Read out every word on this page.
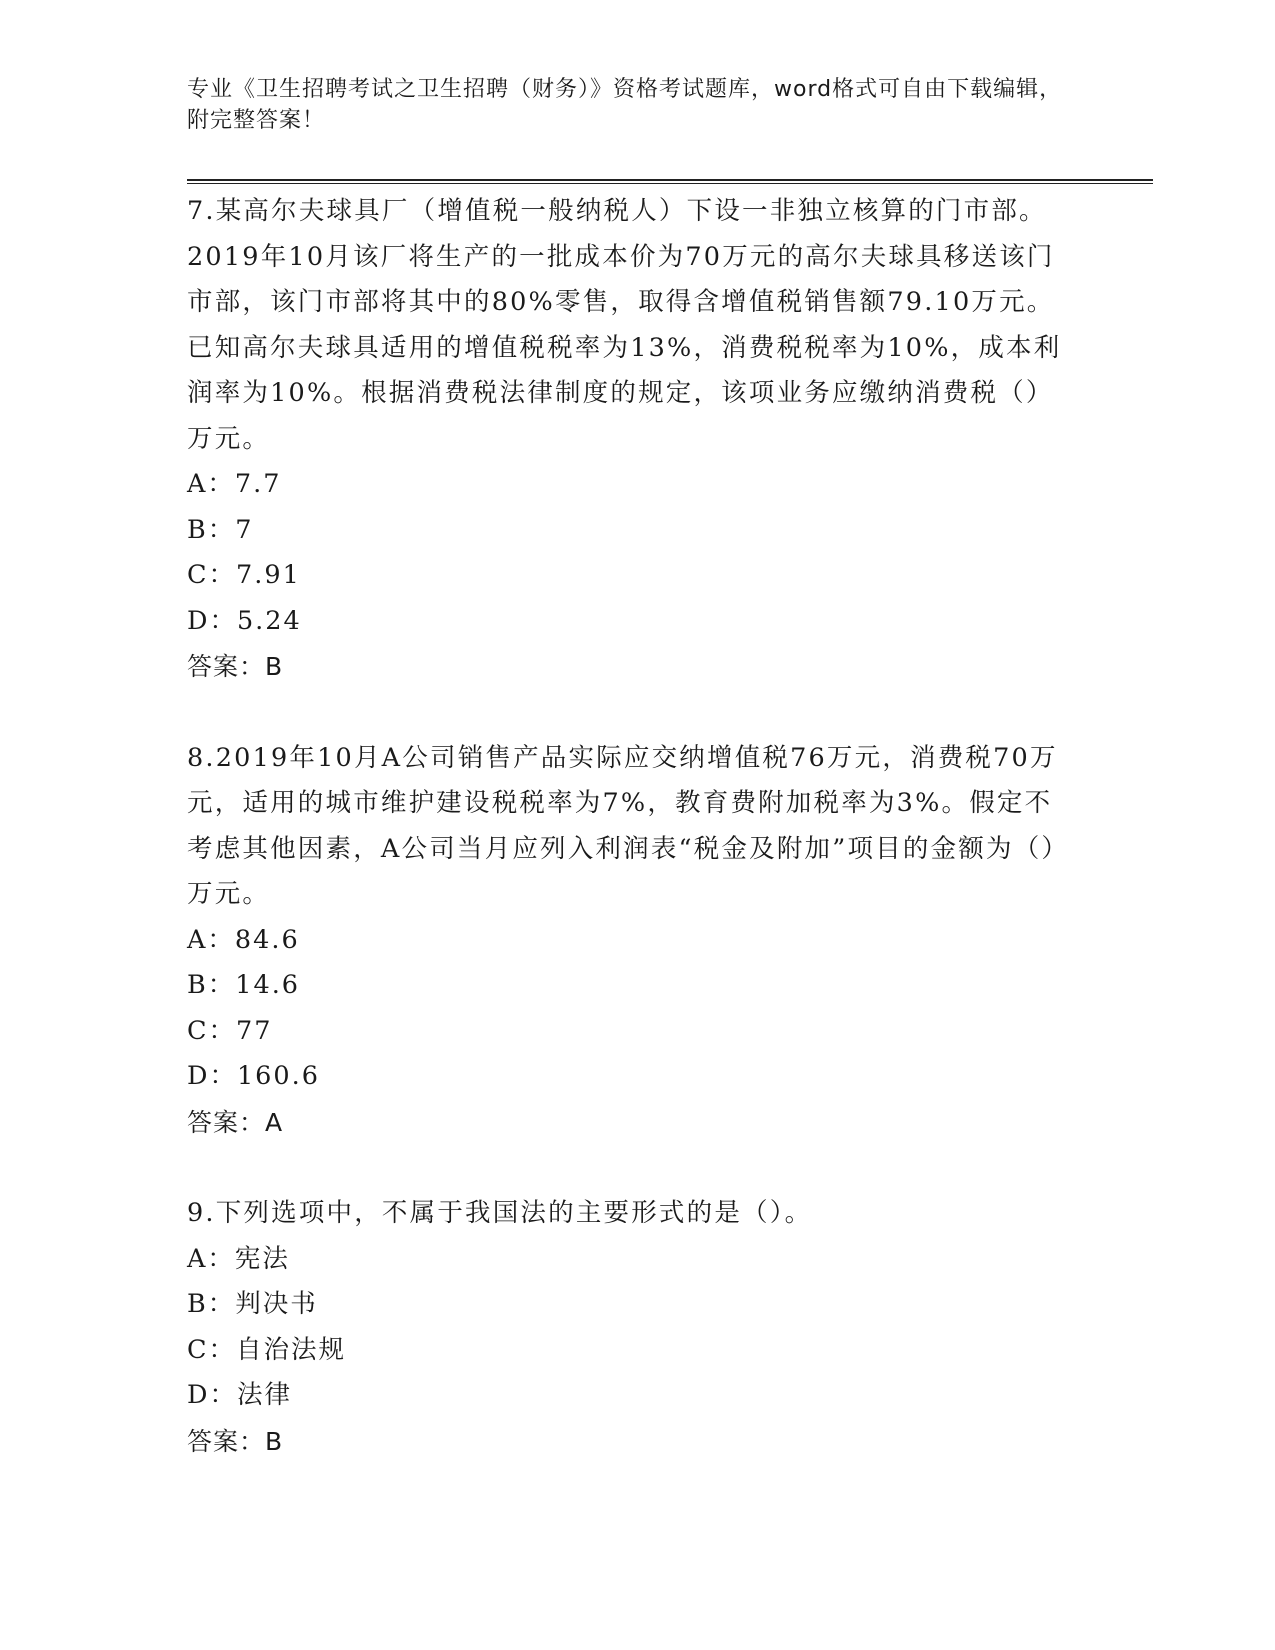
专业《卫生招聘考试之卫生招聘（财务）》资格考试题库，word格式可自由下载编辑，附完整答案！

7.某高尔夫球具厂（增值税一般纳税人）下设一非独立核算的门市部。2019年10月该厂将生产的一批成本价为70万元的高尔夫球具移送该门市部，该门市部将其中的80%零售，取得含增值税销售额79.10万元。已知高尔夫球具适用的增值税税率为13%，消费税税率为10%，成本利润率为10%。根据消费税法律制度的规定，该项业务应缴纳消费税（）万元。

A：7.7

B：7

C：7.91

D：5.24

答案：B

8.2019年10月A公司销售产品实际应交纳增值税76万元，消费税70万元，适用的城市维护建设税税率为7%，教育费附加税率为3%。假定不考虑其他因素，A公司当月应列入利润表“税金及附加”项目的金额为（）万元。

A：84.6

B：14.6

C：77

D：160.6

答案：A

9.下列选项中，不属于我国法的主要形式的是（）。

A：宪法

B：判决书

C：自治法规

D：法律

答案：B
